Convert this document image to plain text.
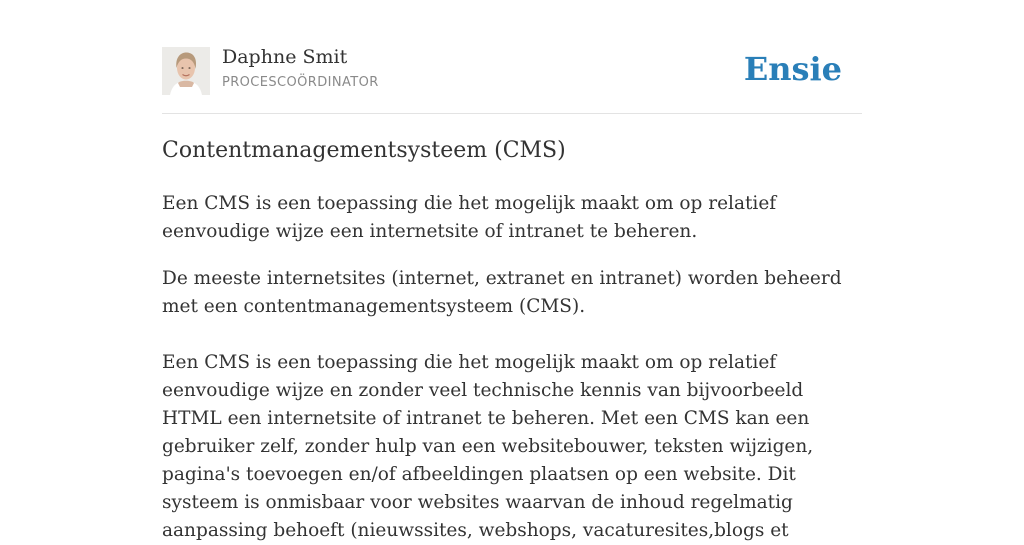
Daphne Smit
PROCESCOÖRDINATOR	Ensie
Contentmanagementsysteem (CMS)

Een CMS is een toepassing die het mogelijk maakt om op relatief eenvoudige wijze een internetsite of intranet te beheren.

De meeste internetsites (internet, extranet en intranet) worden beheerd met een contentmanagementsysteem (CMS).

Een CMS is een toepassing die het mogelijk maakt om op relatief eenvoudige wijze en zonder veel technische kennis van bijvoorbeeld HTML een internetsite of intranet te beheren. Met een CMS kan een gebruiker zelf, zonder hulp van een websitebouwer, teksten wijzigen, pagina's toevoegen en/of afbeeldingen plaatsen op een website. Dit systeem is onmisbaar voor websites waarvan de inhoud regelmatig aanpassing behoeft (nieuwssites, webshops, vacaturesites,blogs et
